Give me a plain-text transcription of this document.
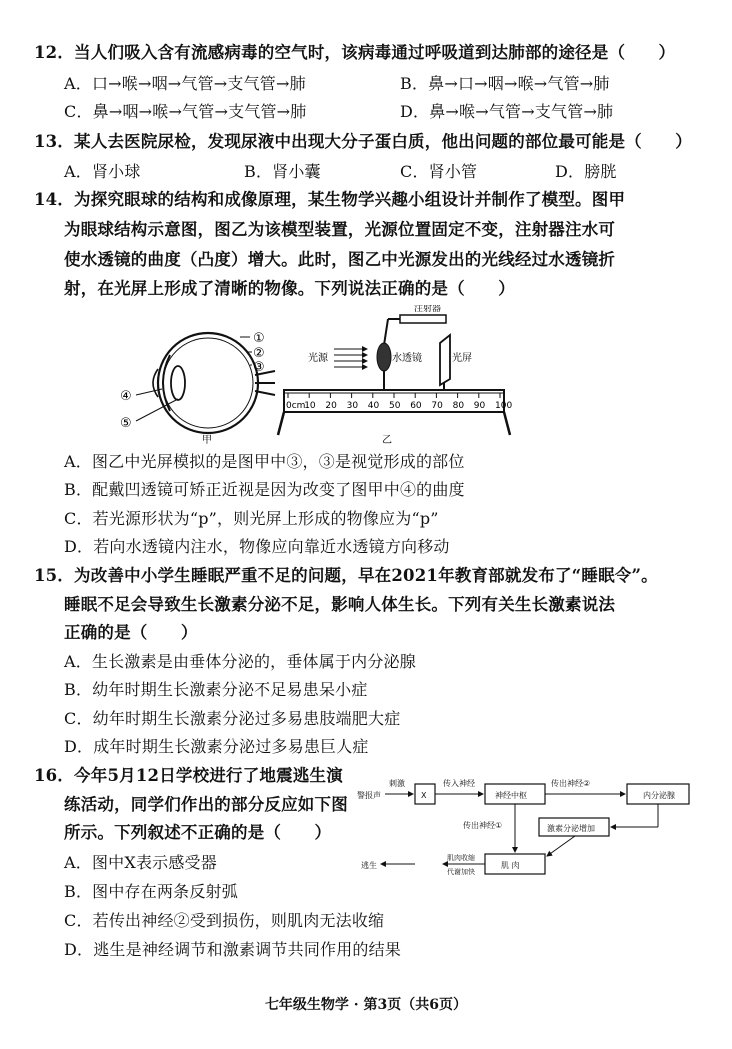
12．当人们吸入含有流感病毒的空气时，该病毒通过呼吸道到达肺部的途径是（　　）
A．口→喉→咽→气管→支气管→肺	B．鼻→口→咽→喉→气管→肺
C．鼻→咽→喉→气管→支气管→肺	D．鼻→喉→气管→支气管→肺
13．某人去医院尿检，发现尿液中出现大分子蛋白质，他出问题的部位最可能是（　　）
A．肾小球	B．肾小囊	C．肾小管	D．膀胱
14．为探究眼球的结构和成像原理，某生物学兴趣小组设计并制作了模型。图甲
为眼球结构示意图，图乙为该模型装置，光源位置固定不变，注射器注水可
使水透镜的曲度（凸度）增大。此时，图乙中光源发出的光线经过水透镜折
射，在光屏上形成了清晰的物像。下列说法正确的是（　　）
①
②
③
④
⑤
甲
0cm
10 20 30 40 50 60 70 80 90 100
注射器
水透镜
光源	光屏
乙
A．图乙中光屏模拟的是图甲中③，③是视觉形成的部位
B．配戴凹透镜可矫正近视是因为改变了图甲中④的曲度
C．若光源形状为“p”，则光屏上形成的物像应为“p”
D．若向水透镜内注水，物像应向靠近水透镜方向移动
15．为改善中小学生睡眠严重不足的问题，早在2021年教育部就发布了“睡眠令”。
睡眠不足会导致生长激素分泌不足，影响人体生长。下列有关生长激素说法
正确的是（　　）
A．生长激素是由垂体分泌的，垂体属于内分泌腺
B．幼年时期生长激素分泌不足易患呆小症
C．幼年时期生长激素分泌过多易患肢端肥大症
D．成年时期生长激素分泌过多易患巨人症
16．今年5月12日学校进行了地震逃生演
练活动，同学们作出的部分反应如下图
所示。下列叙述不正确的是（　　）
A．图中X表示感受器
B．图中存在两条反射弧
C．若传出神经②受到损伤，则肌肉无法收缩
D．逃生是神经调节和激素调节共同作用的结果
警报声
刺激
X
传入神经
神经中枢
传出神经②
内分泌腺
传出神经①	激素分泌增加
肌 肉
肌肉收缩
代谢加快
逃生
七年级生物学 · 第3页（共6页）
